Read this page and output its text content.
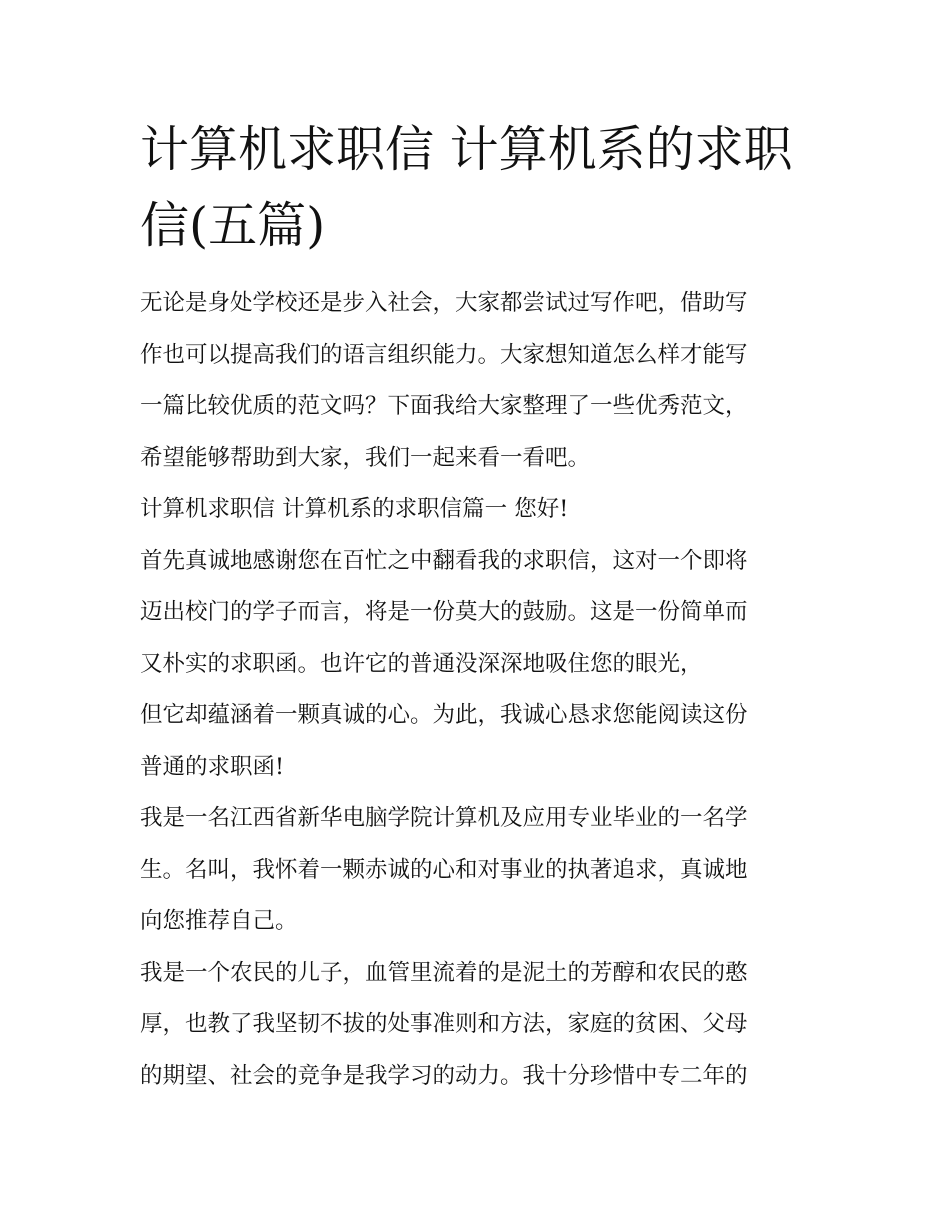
计算机求职信 计算机系的求职
信(五篇)
无论是身处学校还是步入社会，大家都尝试过写作吧，借助写
作也可以提高我们的语言组织能力。大家想知道怎么样才能写
一篇比较优质的范文吗？下面我给大家整理了一些优秀范文，
希望能够帮助到大家，我们一起来看一看吧。
计算机求职信 计算机系的求职信篇一 您好!
首先真诚地感谢您在百忙之中翻看我的求职信，这对一个即将
迈出校门的学子而言，将是一份莫大的鼓励。这是一份简单而
又朴实的求职函。也许它的普通没深深地吸住您的眼光，
但它却蕴涵着一颗真诚的心。为此，我诚心恳求您能阅读这份
普通的求职函!
我是一名江西省新华电脑学院计算机及应用专业毕业的一名学
生。名叫，我怀着一颗赤诚的心和对事业的执著追求，真诚地
向您推荐自己。
我是一个农民的儿子，血管里流着的是泥土的芳醇和农民的憨
厚，也教了我坚韧不拔的处事准则和方法，家庭的贫困、父母
的期望、社会的竞争是我学习的动力。我十分珍惜中专二年的
